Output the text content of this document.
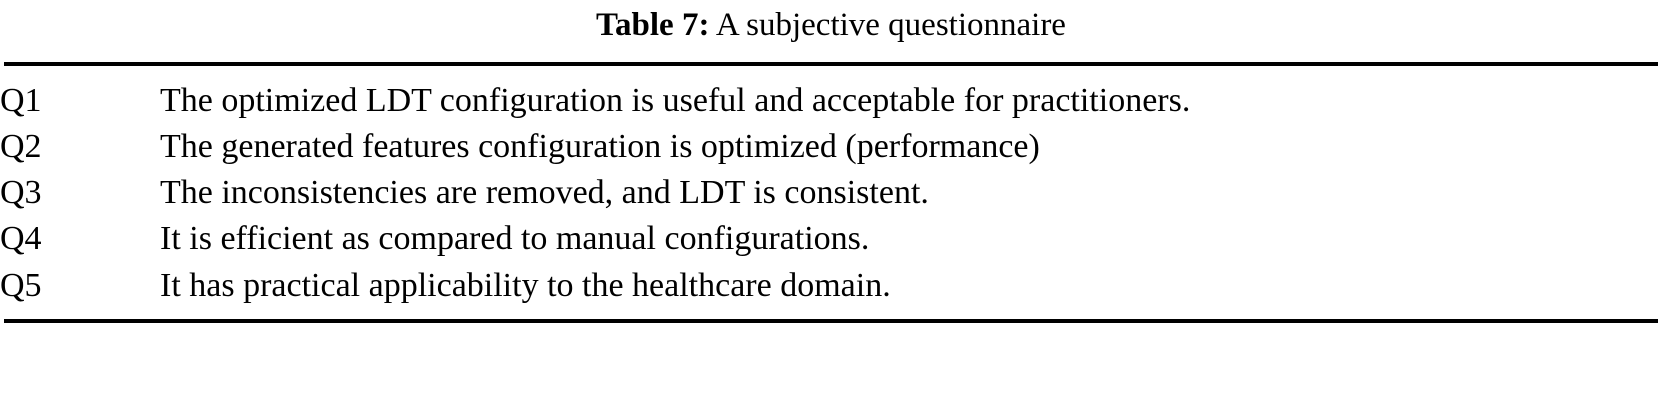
Table 7: A subjective questionnaire
Q1	The optimized LDT configuration is useful and acceptable for practitioners.
Q2	The generated features configuration is optimized (performance)
Q3	The inconsistencies are removed, and LDT is consistent.
Q4	It is efficient as compared to manual configurations.
Q5	It has practical applicability to the healthcare domain.
